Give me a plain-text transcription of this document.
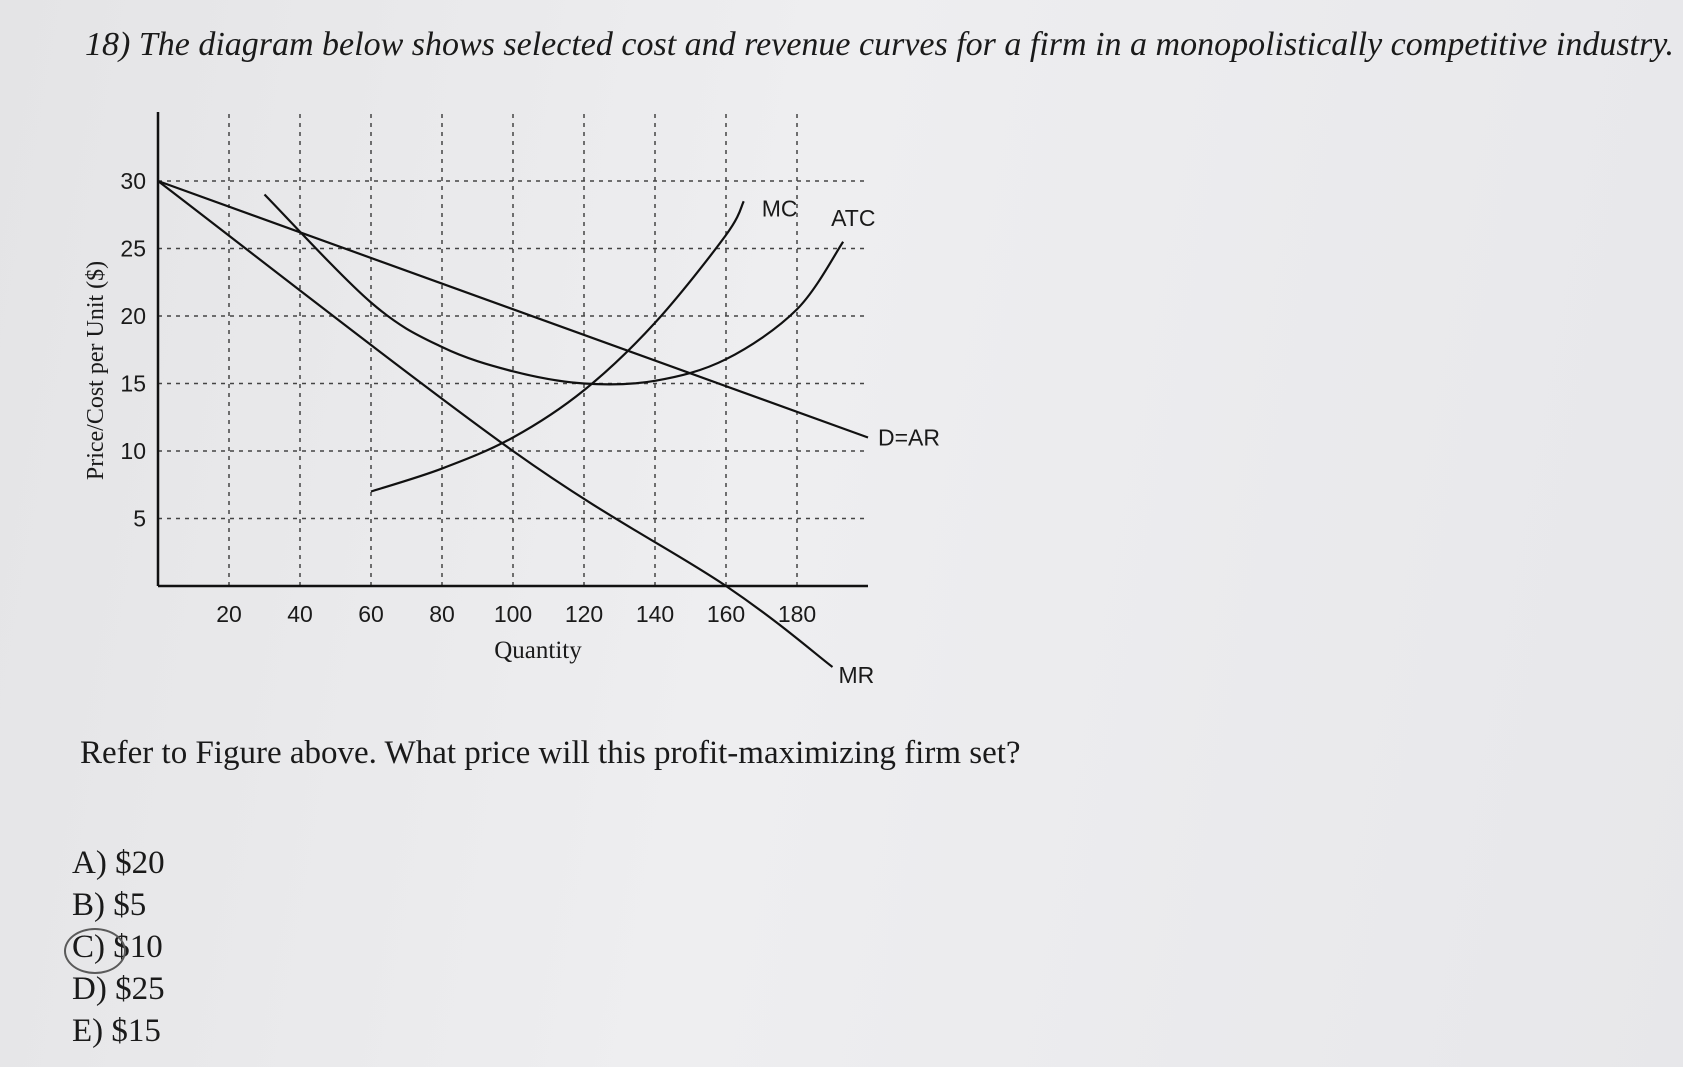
18) The diagram below shows selected cost and revenue curves for a firm in a monopolistically competitive industry.
20 40 60 80 100 120 140 160 180
5
10
15
20
25
30
D=AR
MR
MC ATC
Quantity
Price/Cost per Unit ($)
Refer to Figure above. What price will this profit-maximizing firm set?
A) $20
B) $5
C) $10
D) $25
E) $15
